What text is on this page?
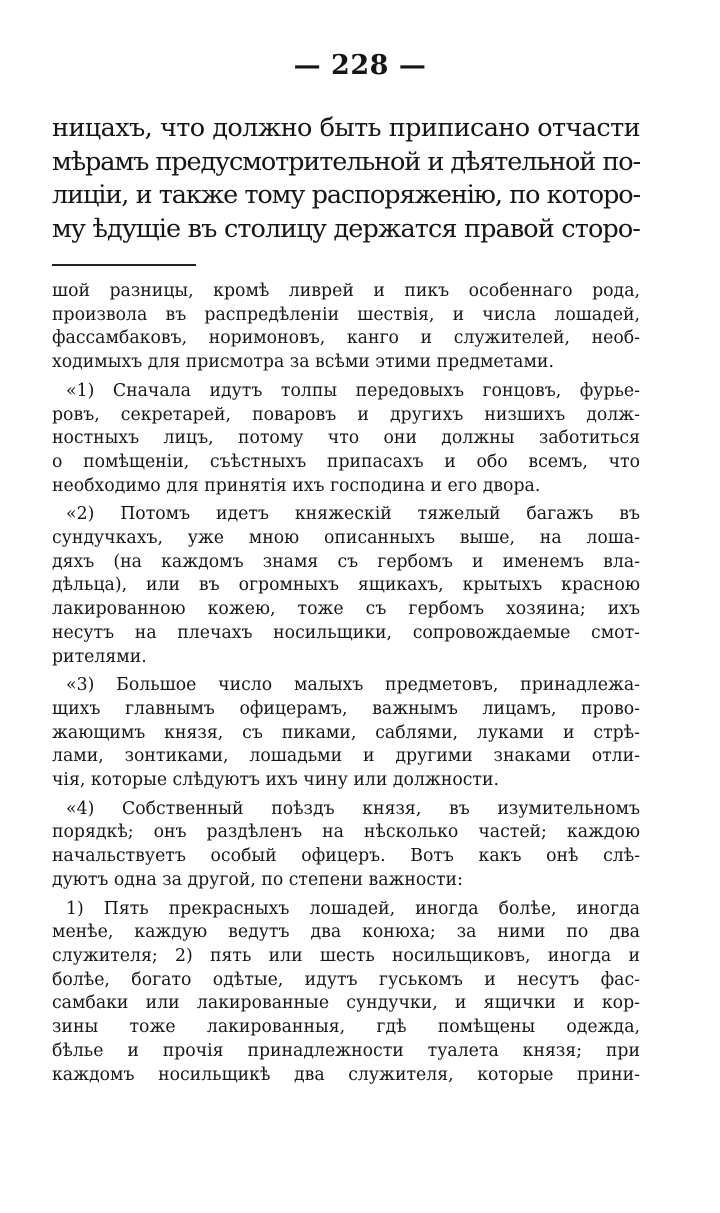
— 228 —
ницахъ, что должно быть приписано отчасти
мѣрамъ предусмотрительной и дѣятельной по-
лицiи, и также тому распоряженiю, по которо-
му ѣдущiе въ столицу держатся правой сторо-
шой разницы, кромѣ ливрей и пикъ особеннаго рода,
произвола въ распредѣленiи шествiя, и числа лошадей,
фассамбаковъ, норимоновъ, канго и служителей, необ-
ходимыхъ для присмотра за всѣми этими предметами.
«1) Сначала идутъ толпы передовыхъ гонцовъ, фурье-
ровъ, секретарей, поваровъ и другихъ низшихъ долж-
ностныхъ лицъ, потому что они должны заботиться
о помѣщенiи, съѣстныхъ припасахъ и обо всемъ, что
необходимо для принятiя ихъ господина и его двора.
«2) Потомъ идетъ княжескiй тяжелый багажъ въ
сундучкахъ, уже мною описанныхъ выше, на лоша-
дяхъ (на каждомъ знамя съ гербомъ и именемъ вла-
дѣльца), или въ огромныхъ ящикахъ, крытыхъ красною
лакированною кожею, тоже съ гербомъ хозяина; ихъ
несутъ на плечахъ носильщики, сопровождаемые смот-
рителями.
«3) Большое число малыхъ предметовъ, принадлежа-
щихъ главнымъ офицерамъ, важнымъ лицамъ, прово-
жающимъ князя, съ пиками, саблями, луками и стрѣ-
лами, зонтиками, лошадьми и другими знаками отли-
чiя, которые слѣдуютъ ихъ чину или должности.
«4) Собственный поѣздъ князя, въ изумительномъ
порядкѣ; онъ раздѣленъ на нѣсколько частей; каждою
начальствуетъ особый офицеръ. Вотъ какъ онѣ слѣ-
дуютъ одна за другой, по степени важности:
1) Пять прекрасныхъ лошадей, иногда болѣе, иногда
менѣе, каждую ведутъ два конюха; за ними по два
служителя; 2) пять или шесть носильщиковъ, иногда и
болѣе, богато одѣтые, идутъ гуськомъ и несутъ фас-
самбаки или лакированные сундучки, и ящички и кор-
зины тоже лакированныя, гдѣ помѣщены одежда,
бѣлье и прочiя принадлежности туалета князя; при
каждомъ носильщикѣ два служителя, которые прини-
